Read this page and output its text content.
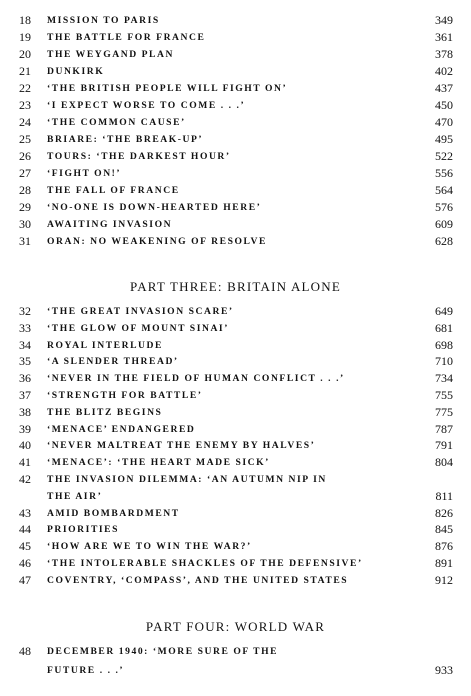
18	MISSION TO PARIS	349
19	THE BATTLE FOR FRANCE	361
20	THE WEYGAND PLAN	378
21	DUNKIRK	402
22	‘THE BRITISH PEOPLE WILL FIGHT ON’	437
23	‘I EXPECT WORSE TO COME . . .’	450
24	‘THE COMMON CAUSE’	470
25	BRIARE: ‘THE BREAK-UP’	495
26	TOURS: ‘THE DARKEST HOUR’	522
27	‘FIGHT ON!’	556
28	THE FALL OF FRANCE	564
29	‘NO-ONE IS DOWN-HEARTED HERE’	576
30	AWAITING INVASION	609
31	ORAN: NO WEAKENING OF RESOLVE	628
PART THREE: BRITAIN ALONE
32	‘THE GREAT INVASION SCARE’	649
33	‘THE GLOW OF MOUNT SINAI’	681
34	ROYAL INTERLUDE	698
35	‘A SLENDER THREAD’	710
36	‘NEVER IN THE FIELD OF HUMAN CONFLICT . . .’	734
37	‘STRENGTH FOR BATTLE’	755
38	THE BLITZ BEGINS	775
39	‘MENACE’ ENDANGERED	787
40	‘NEVER MALTREAT THE ENEMY BY HALVES’	791
41	‘MENACE’: ‘THE HEART MADE SICK’	804
42	THE INVASION DILEMMA: ‘AN AUTUMN NIP IN
THE AIR’	811
43	AMID BOMBARDMENT	826
44	PRIORITIES	845
45	‘HOW ARE WE TO WIN THE WAR?’	876
46	‘THE INTOLERABLE SHACKLES OF THE DEFENSIVE’	891
47	COVENTRY, ‘COMPASS’, AND THE UNITED STATES	912
PART FOUR: WORLD WAR
48	DECEMBER 1940: ‘MORE SURE OF THE
FUTURE . . .’	933
